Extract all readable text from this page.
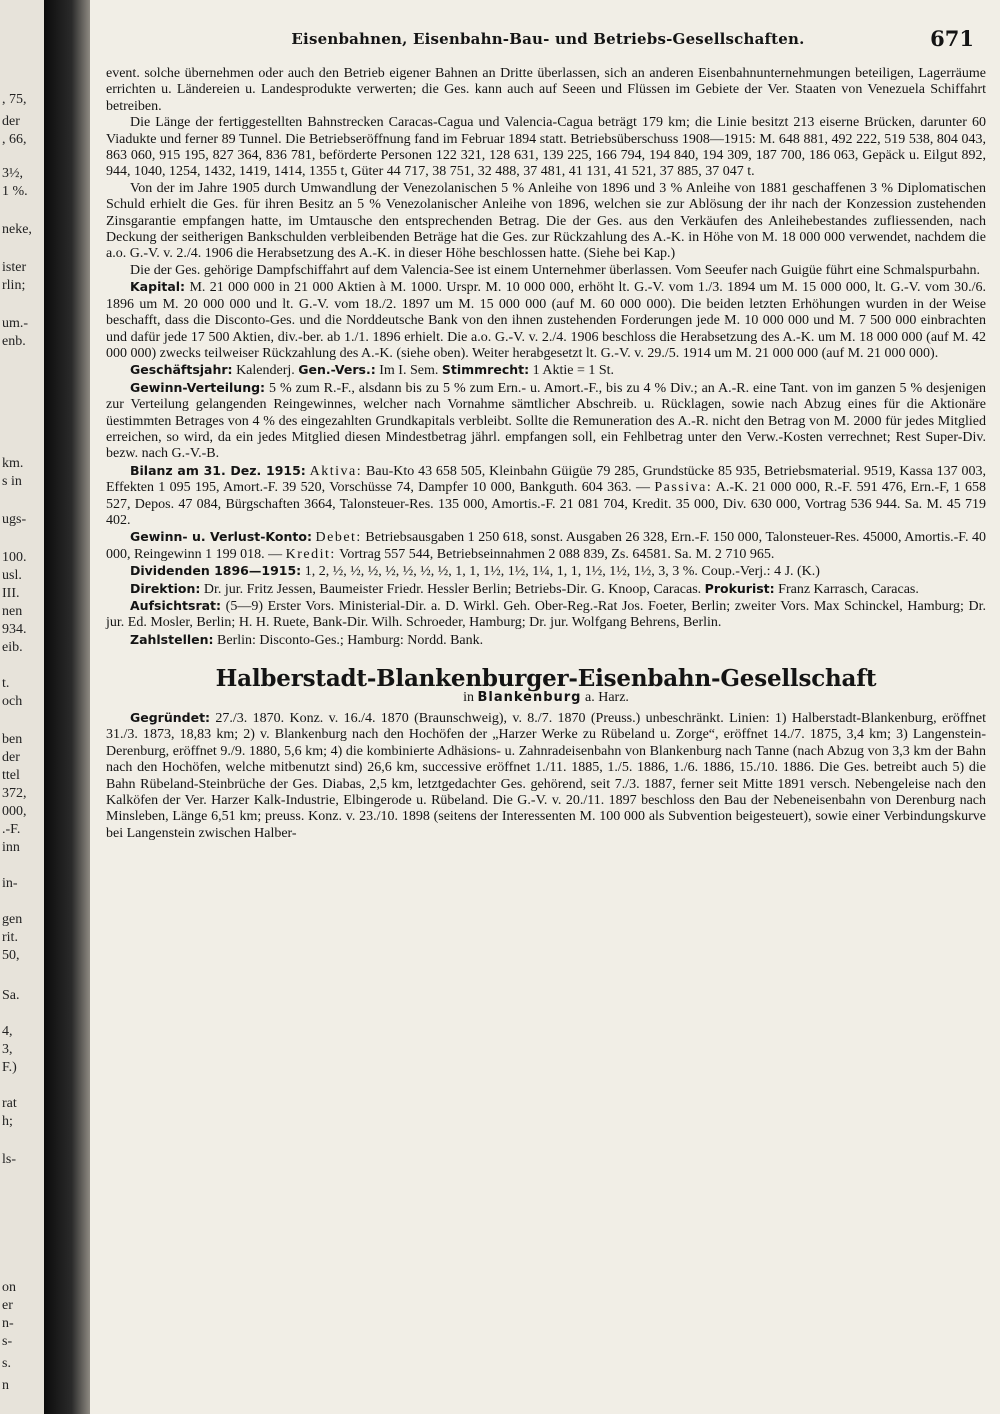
, 75,
der
, 66,
3½,
1 %.
neke,
ister
rlin;
um.-
enb.
km.
s in
ugs-
100.
usl.
III.
nen
934.
eib.
t.
och
ben
der
ttel
372,
000,
.-F.
inn
in-
gen
rit.
50,
Sa.
4,
3,
F.)
rat
h;
ls-
on
er
n-
s-
s.
n
Eisenbahnen, Eisenbahn-Bau- und Betriebs-Gesellschaften.	671

event. solche übernehmen oder auch den Betrieb eigener Bahnen an Dritte überlassen, sich an anderen Eisenbahnunternehmungen beteiligen, Lagerräume errichten u. Ländereien u. Landesprodukte verwerten; die Ges. kann auch auf Seeen und Flüssen im Gebiete der Ver. Staaten von Venezuela Schiffahrt betreiben.

Die Länge der fertiggestellten Bahnstrecken Caracas-Cagua und Valencia-Cagua beträgt 179 km; die Linie besitzt 213 eiserne Brücken, darunter 60 Viadukte und ferner 89 Tunnel. Die Betriebseröffnung fand im Februar 1894 statt. Betriebsüberschuss 1908—1915: M. 648 881, 492 222, 519 538, 804 043, 863 060, 915 195, 827 364, 836 781, beförderte Personen 122 321, 128 631, 139 225, 166 794, 194 840, 194 309, 187 700, 186 063, Gepäck u. Eilgut 892, 944, 1040, 1254, 1432, 1419, 1414, 1355 t, Güter 44 717, 38 751, 32 488, 37 481, 41 131, 41 521, 37 885, 37 047 t.

Von der im Jahre 1905 durch Umwandlung der Venezolanischen 5 % Anleihe von 1896 und 3 % Anleihe von 1881 geschaffenen 3 % Diplomatischen Schuld erhielt die Ges. für ihren Besitz an 5 % Venezolanischer Anleihe von 1896, welchen sie zur Ablösung der ihr nach der Konzession zustehenden Zinsgarantie empfangen hatte, im Umtausche den entsprechenden Betrag. Die der Ges. aus den Verkäufen des Anleihebestandes zufliessenden, nach Deckung der seitherigen Bankschulden verbleibenden Beträge hat die Ges. zur Rückzahlung des A.-K. in Höhe von M. 18 000 000 verwendet, nachdem die a.o. G.-V. v. 2./4. 1906 die Herabsetzung des A.-K. in dieser Höhe beschlossen hatte. (Siehe bei Kap.)

Die der Ges. gehörige Dampfschiffahrt auf dem Valencia-See ist einem Unternehmer überlassen. Vom Seeufer nach Guigüe führt eine Schmalspurbahn.

Kapital: M. 21 000 000 in 21 000 Aktien à M. 1000. Urspr. M. 10 000 000, erhöht lt. G.-V. vom 1./3. 1894 um M. 15 000 000, lt. G.-V. vom 30./6. 1896 um M. 20 000 000 und lt. G.-V. vom 18./2. 1897 um M. 15 000 000 (auf M. 60 000 000). Die beiden letzten Erhöhungen wurden in der Weise beschafft, dass die Disconto-Ges. und die Norddeutsche Bank von den ihnen zustehenden Forderungen jede M. 10 000 000 und M. 7 500 000 einbrachten und dafür jede 17 500 Aktien, div.-ber. ab 1./1. 1896 erhielt. Die a.o. G.-V. v. 2./4. 1906 beschloss die Herabsetzung des A.-K. um M. 18 000 000 (auf M. 42 000 000) zwecks teilweiser Rückzahlung des A.-K. (siehe oben). Weiter herabgesetzt lt. G.-V. v. 29./5. 1914 um M. 21 000 000 (auf M. 21 000 000).

Geschäftsjahr: Kalenderj. Gen.-Vers.: Im I. Sem. Stimmrecht: 1 Aktie = 1 St.

Gewinn-Verteilung: 5 % zum R.-F., alsdann bis zu 5 % zum Ern.- u. Amort.-F., bis zu 4 % Div.; an A.-R. eine Tant. von im ganzen 5 % desjenigen zur Verteilung gelangenden Reingewinnes, welcher nach Vornahme sämtlicher Abschreib. u. Rücklagen, sowie nach Abzug eines für die Aktionäre üestimmten Betrages von 4 % des eingezahlten Grundkapitals verbleibt. Sollte die Remuneration des A.-R. nicht den Betrag von M. 2000 für jedes Mitglied erreichen, so wird, da ein jedes Mitglied diesen Mindestbetrag jährl. empfangen soll, ein Fehlbetrag unter den Verw.-Kosten verrechnet; Rest Super-Div. bezw. nach G.-V.-B.

Bilanz am 31. Dez. 1915: Aktiva: Bau-Kto 43 658 505, Kleinbahn Güigüe 79 285, Grundstücke 85 935, Betriebsmaterial. 9519, Kassa 137 003, Effekten 1 095 195, Amort.-F. 39 520, Vorschüsse 74, Dampfer 10 000, Bankguth. 604 363. — Passiva: A.-K. 21 000 000, R.-F. 591 476, Ern.-F, 1 658 527, Depos. 47 084, Bürgschaften 3664, Talonsteuer-Res. 135 000, Amortis.-F. 21 081 704, Kredit. 35 000, Div. 630 000, Vortrag 536 944. Sa. M. 45 719 402.

Gewinn- u. Verlust-Konto: Debet: Betriebsausgaben 1 250 618, sonst. Ausgaben 26 328, Ern.-F. 150 000, Talonsteuer-Res. 45000, Amortis.-F. 40 000, Reingewinn 1 199 018. — Kredit: Vortrag 557 544, Betriebseinnahmen 2 088 839, Zs. 64581. Sa. M. 2 710 965.

Dividenden 1896—1915: 1, 2, ½, ½, ½, ½, ½, ½, ½, 1, 1, 1½, 1½, 1¼, 1, 1, 1½, 1½, 1½, 3, 3 %. Coup.-Verj.: 4 J. (K.)

Direktion: Dr. jur. Fritz Jessen, Baumeister Friedr. Hessler Berlin; Betriebs-Dir. G. Knoop, Caracas. Prokurist: Franz Karrasch, Caracas.

Aufsichtsrat: (5—9) Erster Vors. Ministerial-Dir. a. D. Wirkl. Geh. Ober-Reg.-Rat Jos. Foeter, Berlin; zweiter Vors. Max Schinckel, Hamburg; Dr. jur. Ed. Mosler, Berlin; H. H. Ruete, Bank-Dir. Wilh. Schroeder, Hamburg; Dr. jur. Wolfgang Behrens, Berlin.

Zahlstellen: Berlin: Disconto-Ges.; Hamburg: Nordd. Bank.

Halberstadt-Blankenburger-Eisenbahn-Gesellschaft
in Blankenburg a. Harz.

Gegründet: 27./3. 1870. Konz. v. 16./4. 1870 (Braunschweig), v. 8./7. 1870 (Preuss.) unbeschränkt. Linien: 1) Halberstadt-Blankenburg, eröffnet 31./3. 1873, 18,83 km; 2) v. Blankenburg nach den Hochöfen der „Harzer Werke zu Rübeland u. Zorge“, eröffnet 14./7. 1875, 3,4 km; 3) Langenstein-Derenburg, eröffnet 9./9. 1880, 5,6 km; 4) die kombinierte Adhäsions- u. Zahnradeisenbahn von Blankenburg nach Tanne (nach Abzug von 3,3 km der Bahn nach den Hochöfen, welche mitbenutzt sind) 26,6 km, successive eröffnet 1./11. 1885, 1./5. 1886, 1./6. 1886, 15./10. 1886. Die Ges. betreibt auch 5) die Bahn Rübeland-Steinbrüche der Ges. Diabas, 2,5 km, letztgedachter Ges. gehörend, seit 7./3. 1887, ferner seit Mitte 1891 versch. Nebengeleise nach den Kalköfen der Ver. Harzer Kalk-Industrie, Elbingerode u. Rübeland. Die G.-V. v. 20./11. 1897 beschloss den Bau der Nebeneisenbahn von Derenburg nach Minsleben, Länge 6,51 km; preuss. Konz. v. 23./10. 1898 (seitens der Interessenten M. 100 000 als Subvention beigesteuert), sowie einer Verbindungskurve bei Langenstein zwischen Halber-
